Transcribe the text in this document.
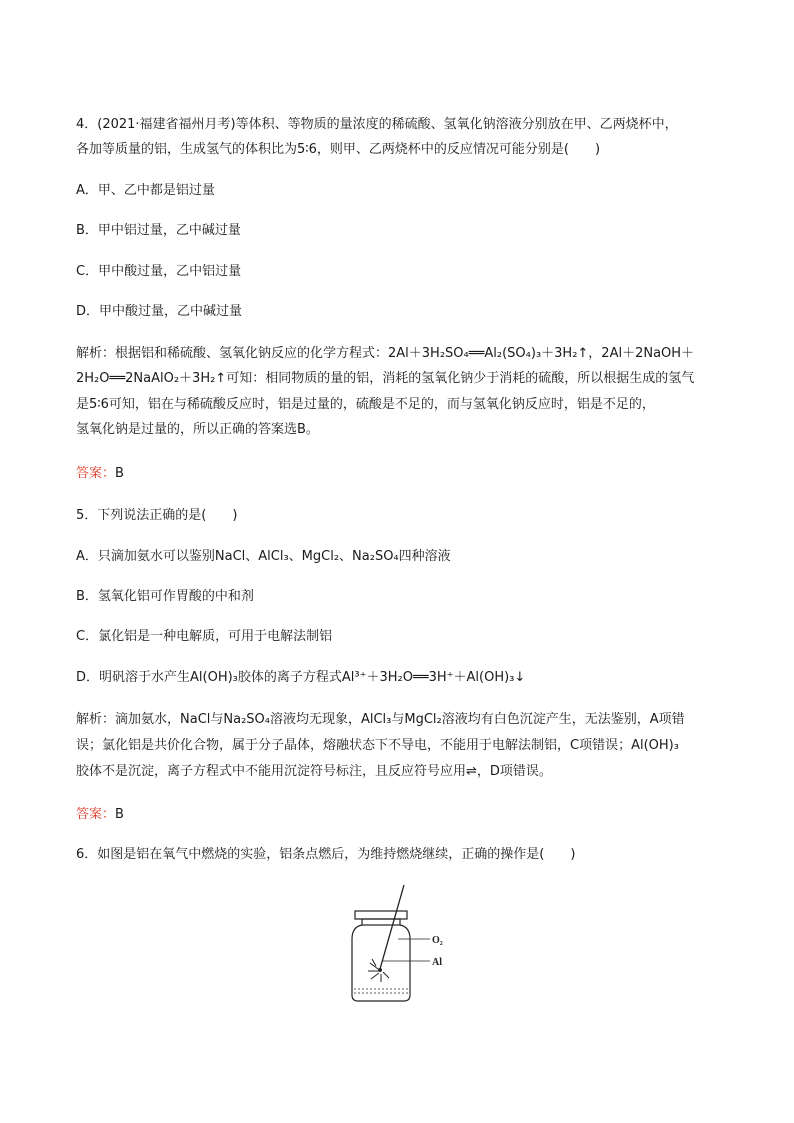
4．(2021·福建省福州月考)等体积、等物质的量浓度的稀硫酸、氢氧化钠溶液分别放在甲、乙两烧杯中，
各加等质量的铝，生成氢气的体积比为5∶6，则甲、乙两烧杯中的反应情况可能分别是(　　)
A．甲、乙中都是铝过量
B．甲中铝过量，乙中碱过量
C．甲中酸过量，乙中铝过量
D．甲中酸过量，乙中碱过量
解析：根据铝和稀硫酸、氢氧化钠反应的化学方程式：2Al＋3H₂SO₄══Al₂(SO₄)₃＋3H₂↑，2Al＋2NaOH＋
2H₂O══2NaAlO₂＋3H₂↑可知：相同物质的量的铝，消耗的氢氧化钠少于消耗的硫酸，所以根据生成的氢气
是5∶6可知，铝在与稀硫酸反应时，铝是过量的，硫酸是不足的，而与氢氧化钠反应时，铝是不足的，
氢氧化钠是过量的，所以正确的答案选B。
答案：B
5．下列说法正确的是(　　)
A．只滴加氨水可以鉴别NaCl、AlCl₃、MgCl₂、Na₂SO₄四种溶液
B．氢氧化铝可作胃酸的中和剂
C．氯化铝是一种电解质，可用于电解法制铝
D．明矾溶于水产生Al(OH)₃胶体的离子方程式Al³⁺＋3H₂O══3H⁺＋Al(OH)₃↓
解析：滴加氨水，NaCl与Na₂SO₄溶液均无现象，AlCl₃与MgCl₂溶液均有白色沉淀产生，无法鉴别，A项错
误；氯化铝是共价化合物，属于分子晶体，熔融状态下不导电，不能用于电解法制铝，C项错误；Al(OH)₃
胶体不是沉淀，离子方程式中不能用沉淀符号标注，且反应符号应用⇌，D项错误。
答案：B
6．如图是铝在氧气中燃烧的实验，铝条点燃后，为维持燃烧继续，正确的操作是(　　)
O₂
Al
